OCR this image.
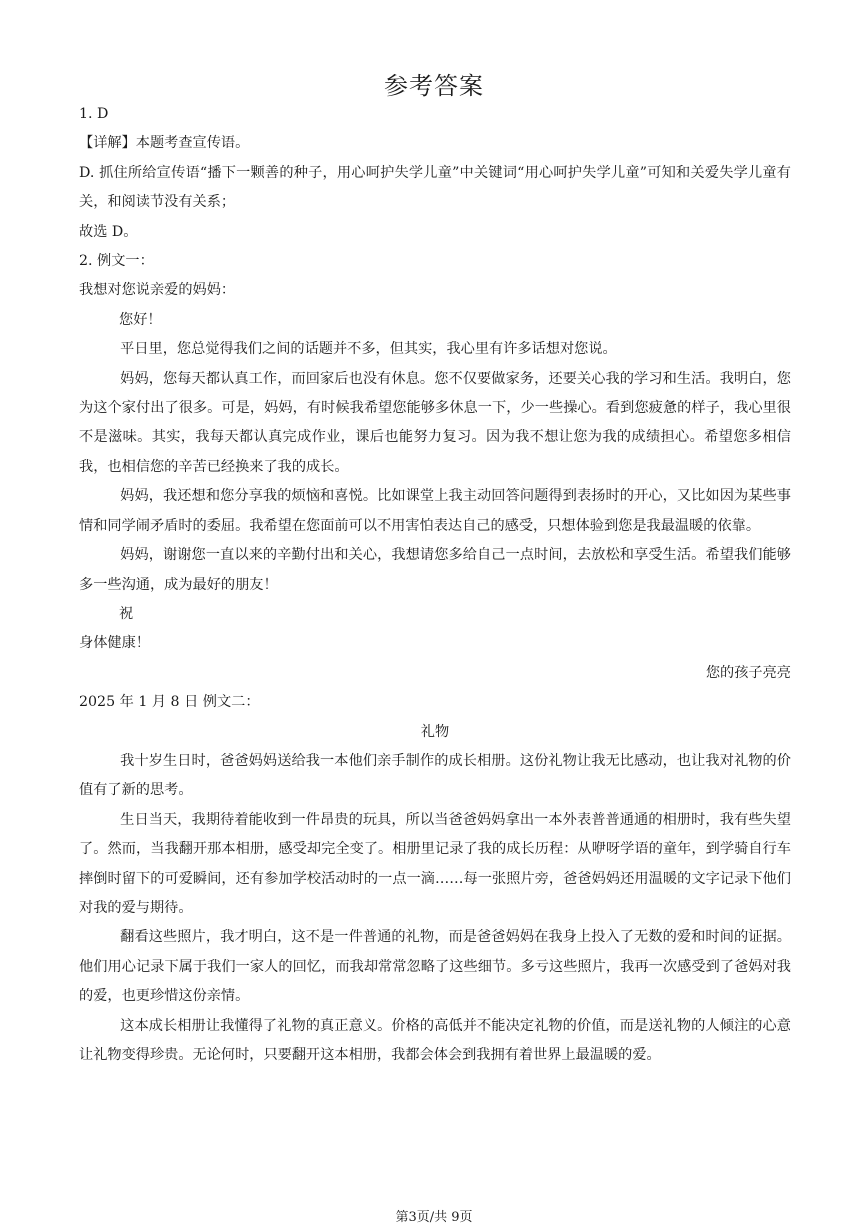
参考答案

1. D

【详解】本题考查宣传语。

D. 抓住所给宣传语“播下一颗善的种子，用心呵护失学儿童”中关键词“用心呵护失学儿童”可知和关爱失学儿童有关，和阅读节没有关系；

故选 D。

2. 例文一：

我想对您说亲爱的妈妈：

您好！

平日里，您总觉得我们之间的话题并不多，但其实，我心里有许多话想对您说。

妈妈，您每天都认真工作，而回家后也没有休息。您不仅要做家务，还要关心我的学习和生活。我明白，您为这个家付出了很多。可是，妈妈，有时候我希望您能够多休息一下，少一些操心。看到您疲惫的样子，我心里很不是滋味。其实，我每天都认真完成作业，课后也能努力复习。因为我不想让您为我的成绩担心。希望您多相信我，也相信您的辛苦已经换来了我的成长。

妈妈，我还想和您分享我的烦恼和喜悦。比如课堂上我主动回答问题得到表扬时的开心，又比如因为某些事情和同学闹矛盾时的委屈。我希望在您面前可以不用害怕表达自己的感受，只想体验到您是我最温暖的依靠。

妈妈，谢谢您一直以来的辛勤付出和关心，我想请您多给自己一点时间，去放松和享受生活。希望我们能够多一些沟通，成为最好的朋友！

祝

身体健康！

您的孩子亮亮

2025 年 1 月 8 日 例文二：

礼物

我十岁生日时，爸爸妈妈送给我一本他们亲手制作的成长相册。这份礼物让我无比感动，也让我对礼物的价值有了新的思考。

生日当天，我期待着能收到一件昂贵的玩具，所以当爸爸妈妈拿出一本外表普普通通的相册时，我有些失望了。然而，当我翻开那本相册，感受却完全变了。相册里记录了我的成长历程：从咿呀学语的童年，到学骑自行车摔倒时留下的可爱瞬间，还有参加学校活动时的一点一滴……每一张照片旁，爸爸妈妈还用温暖的文字记录下他们对我的爱与期待。

翻看这些照片，我才明白，这不是一件普通的礼物，而是爸爸妈妈在我身上投入了无数的爱和时间的证据。他们用心记录下属于我们一家人的回忆，而我却常常忽略了这些细节。多亏这些照片，我再一次感受到了爸妈对我的爱，也更珍惜这份亲情。

这本成长相册让我懂得了礼物的真正意义。价格的高低并不能决定礼物的价值，而是送礼物的人倾注的心意让礼物变得珍贵。无论何时，只要翻开这本相册，我都会体会到我拥有着世界上最温暖的爱。

第3页/共 9页
